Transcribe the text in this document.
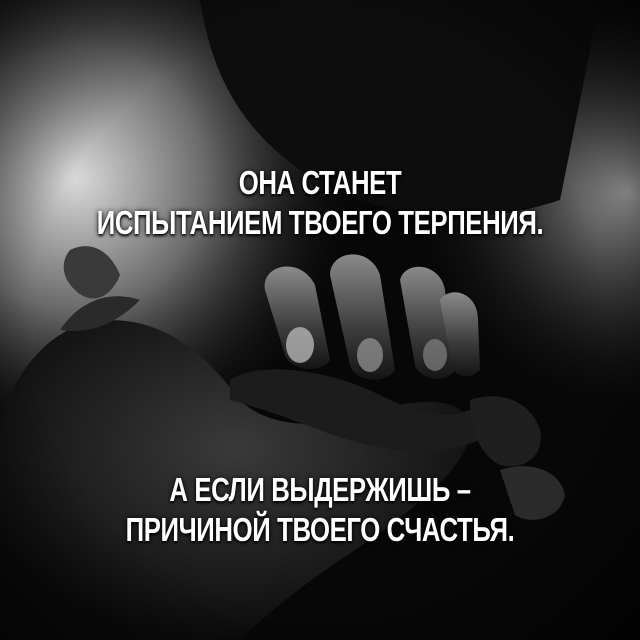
ОНА СТАНЕТ
ИСПЫТАНИЕМ ТВОЕГО ТЕРПЕНИЯ.
А ЕСЛИ ВЫДЕРЖИШЬ –
ПРИЧИНОЙ ТВОЕГО СЧАСТЬЯ.
